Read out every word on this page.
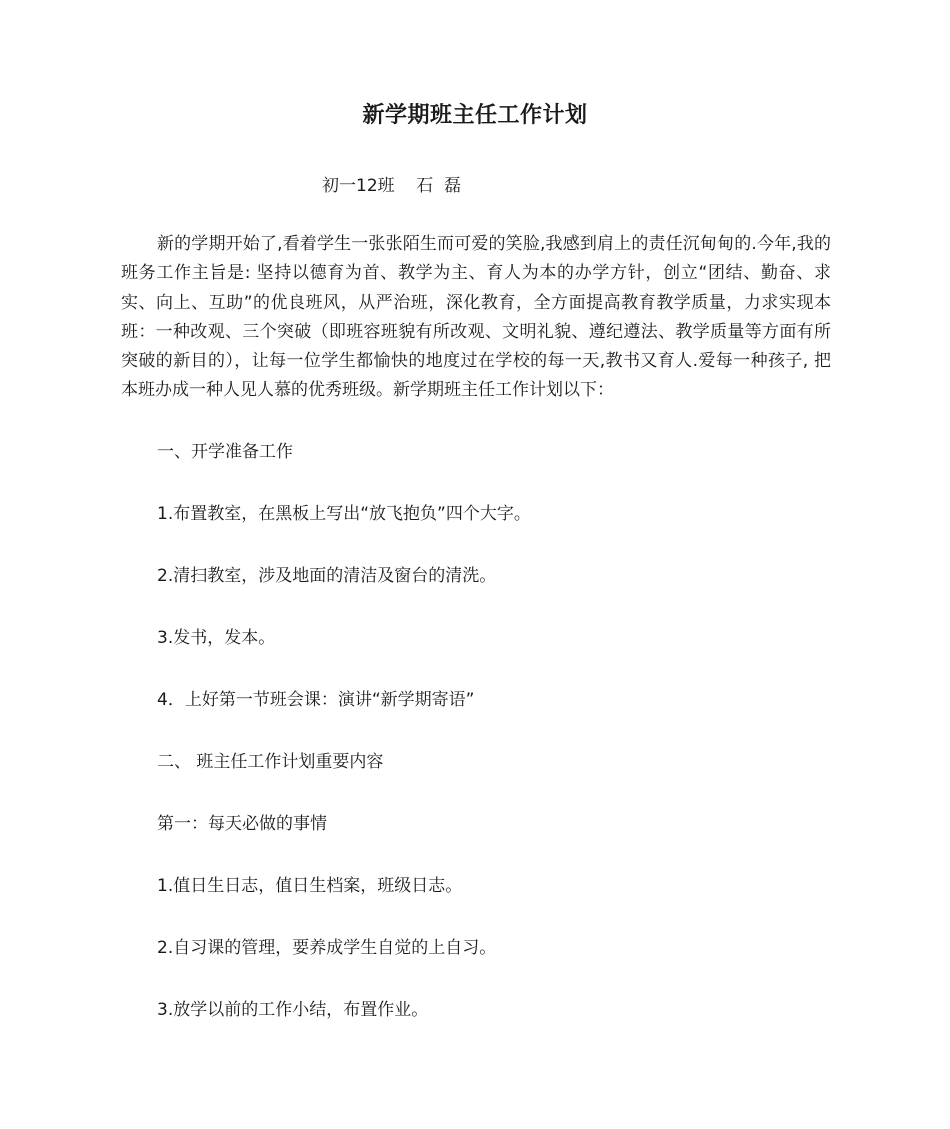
新学期班主任工作计划
初一12班    石  磊
新的学期开始了,看着学生一张张陌生而可爱的笑脸,我感到肩上的责任沉甸甸的.今年,我的班务工作主旨是: 坚持以德育为首、教学为主、育人为本的办学方针，创立“团结、勤奋、求实、向上、互助”的优良班风，从严治班，深化教育，全方面提高教育教学质量，力求实现本班：一种改观、三个突破（即班容班貌有所改观、文明礼貌、遵纪遵法、教学质量等方面有所突破的新目的），让每一位学生都愉快的地度过在学校的每一天,教书又育人.爱每一种孩子, 把本班办成一种人见人慕的优秀班级。新学期班主任工作计划以下：
一、开学准备工作
1.布置教室，在黑板上写出“放飞抱负”四个大字。
2.清扫教室，涉及地面的清洁及窗台的清洗。
3.发书，发本。
4．上好第一节班会课：演讲“新学期寄语”
二、 班主任工作计划重要内容
第一：每天必做的事情
1.值日生日志，值日生档案，班级日志。
2.自习课的管理，要养成学生自觉的上自习。
3.放学以前的工作小结，布置作业。
